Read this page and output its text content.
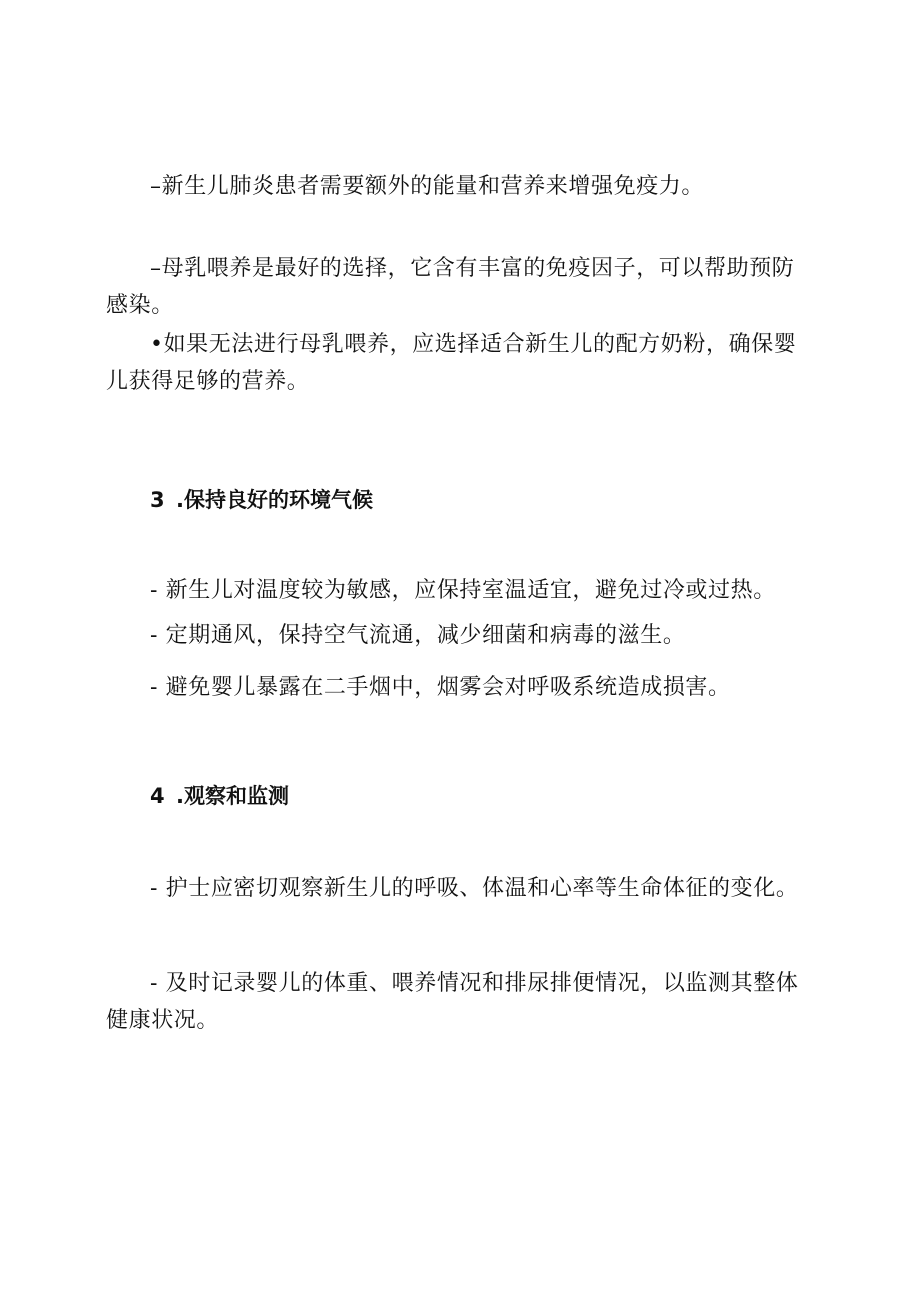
–新生儿肺炎患者需要额外的能量和营养来增强免疫力。

–母乳喂养是最好的选择，它含有丰富的免疫因子，可以帮助预防感染。

•如果无法进行母乳喂养，应选择适合新生儿的配方奶粉，确保婴儿获得足够的营养。

3 .保持良好的环境气候

- 新生儿对温度较为敏感，应保持室温适宜，避免过冷或过热。

- 定期通风，保持空气流通，减少细菌和病毒的滋生。

- 避免婴儿暴露在二手烟中，烟雾会对呼吸系统造成损害。

4 .观察和监测

- 护士应密切观察新生儿的呼吸、体温和心率等生命体征的变化。

- 及时记录婴儿的体重、喂养情况和排尿排便情况，以监测其整体健康状况。
